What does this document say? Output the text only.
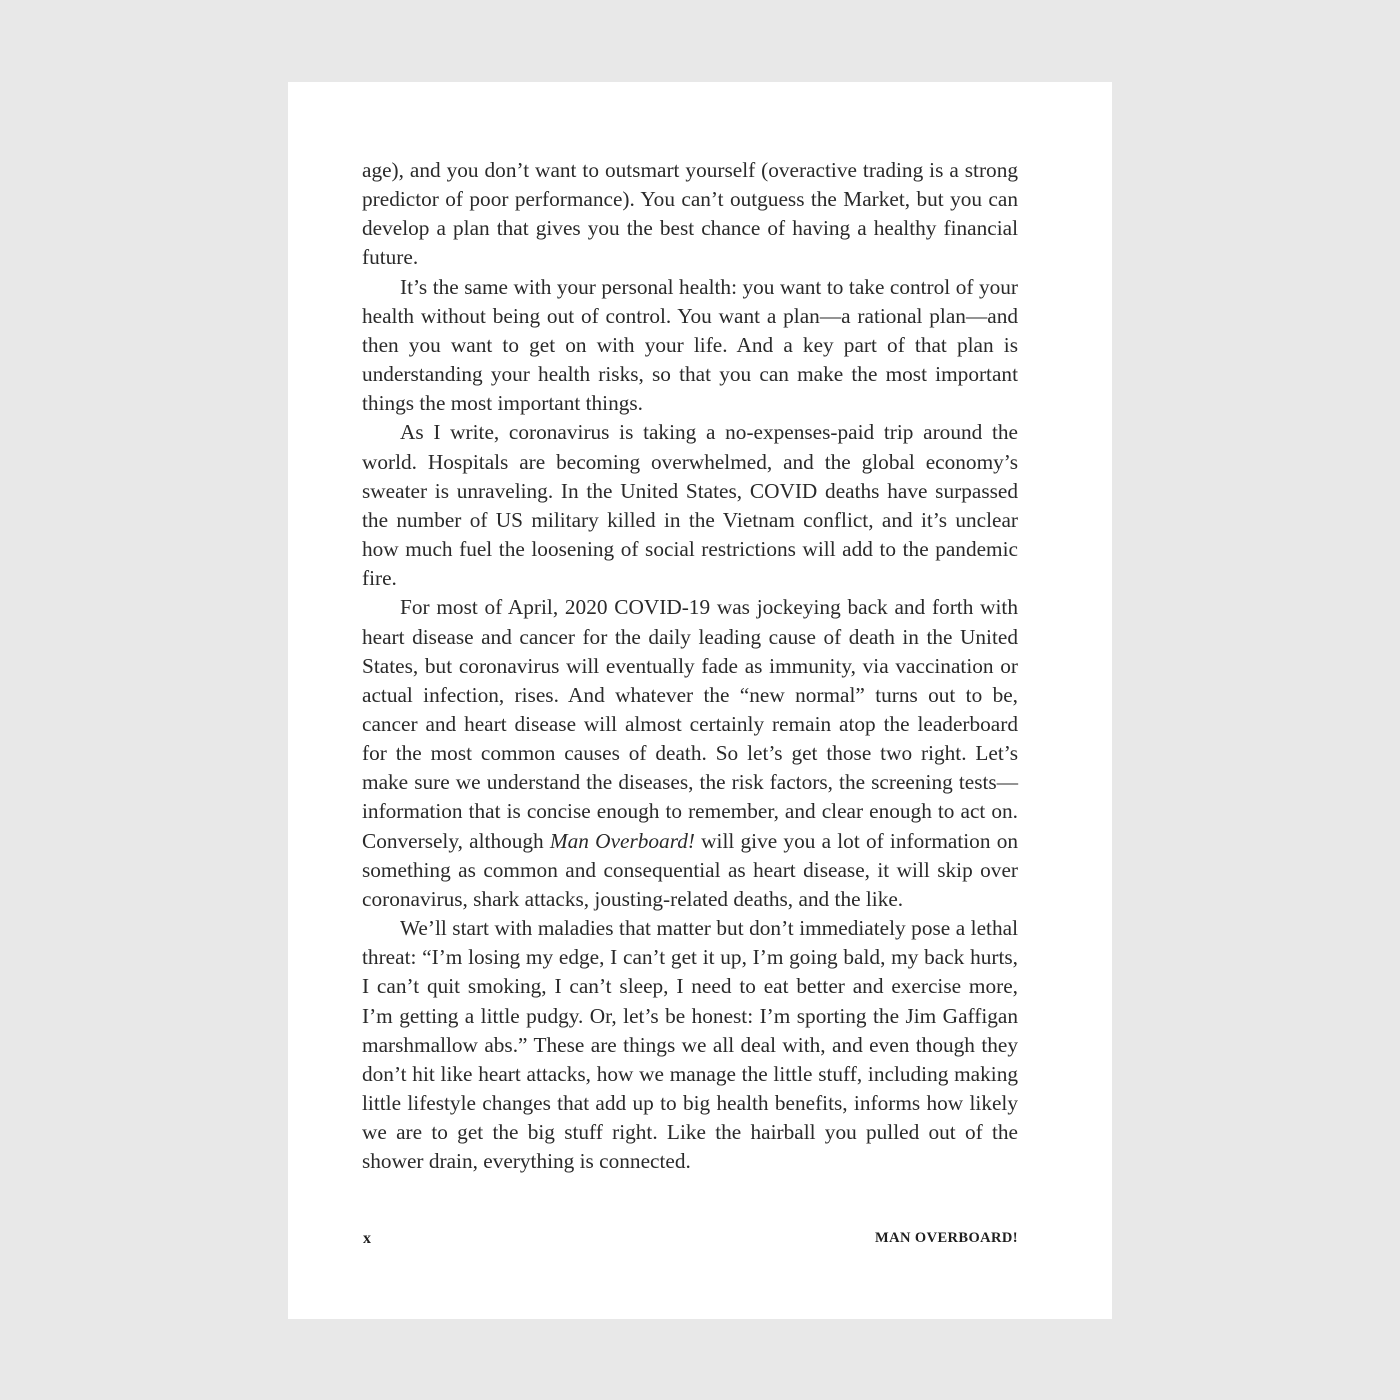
age), and you don’t want to outsmart yourself (overactive trading is a strong predictor of poor performance). You can’t outguess the Market, but you can develop a plan that gives you the best chance of having a healthy financial future.

It’s the same with your personal health: you want to take control of your health without being out of control. You want a plan—a rational plan—and then you want to get on with your life. And a key part of that plan is understanding your health risks, so that you can make the most important things the most important things.

As I write, coronavirus is taking a no-expenses-paid trip around the world. Hospitals are becoming overwhelmed, and the global economy’s sweater is unraveling. In the United States, COVID deaths have surpassed the number of US military killed in the Vietnam conflict, and it’s unclear how much fuel the loosening of social restrictions will add to the pandemic fire.

For most of April, 2020 COVID-19 was jockeying back and forth with heart disease and cancer for the daily leading cause of death in the United States, but coronavirus will eventually fade as immunity, via vaccination or actual infection, rises. And whatever the “new normal” turns out to be, cancer and heart disease will almost certainly remain atop the leaderboard for the most common causes of death. So let’s get those two right. Let’s make sure we understand the diseases, the risk factors, the screening tests—information that is concise enough to remember, and clear enough to act on. Conversely, although Man Overboard! will give you a lot of information on something as common and consequential as heart disease, it will skip over coronavirus, shark attacks, jousting-related deaths, and the like.

We’ll start with maladies that matter but don’t immediately pose a lethal threat: “I’m losing my edge, I can’t get it up, I’m going bald, my back hurts, I can’t quit smoking, I can’t sleep, I need to eat better and exercise more, I’m getting a little pudgy. Or, let’s be honest: I’m sporting the Jim Gaffigan marshmallow abs.” These are things we all deal with, and even though they don’t hit like heart attacks, how we manage the little stuff, including making little lifestyle changes that add up to big health benefits, informs how likely we are to get the big stuff right. Like the hairball you pulled out of the shower drain, everything is connected.

x	MAN OVERBOARD!
